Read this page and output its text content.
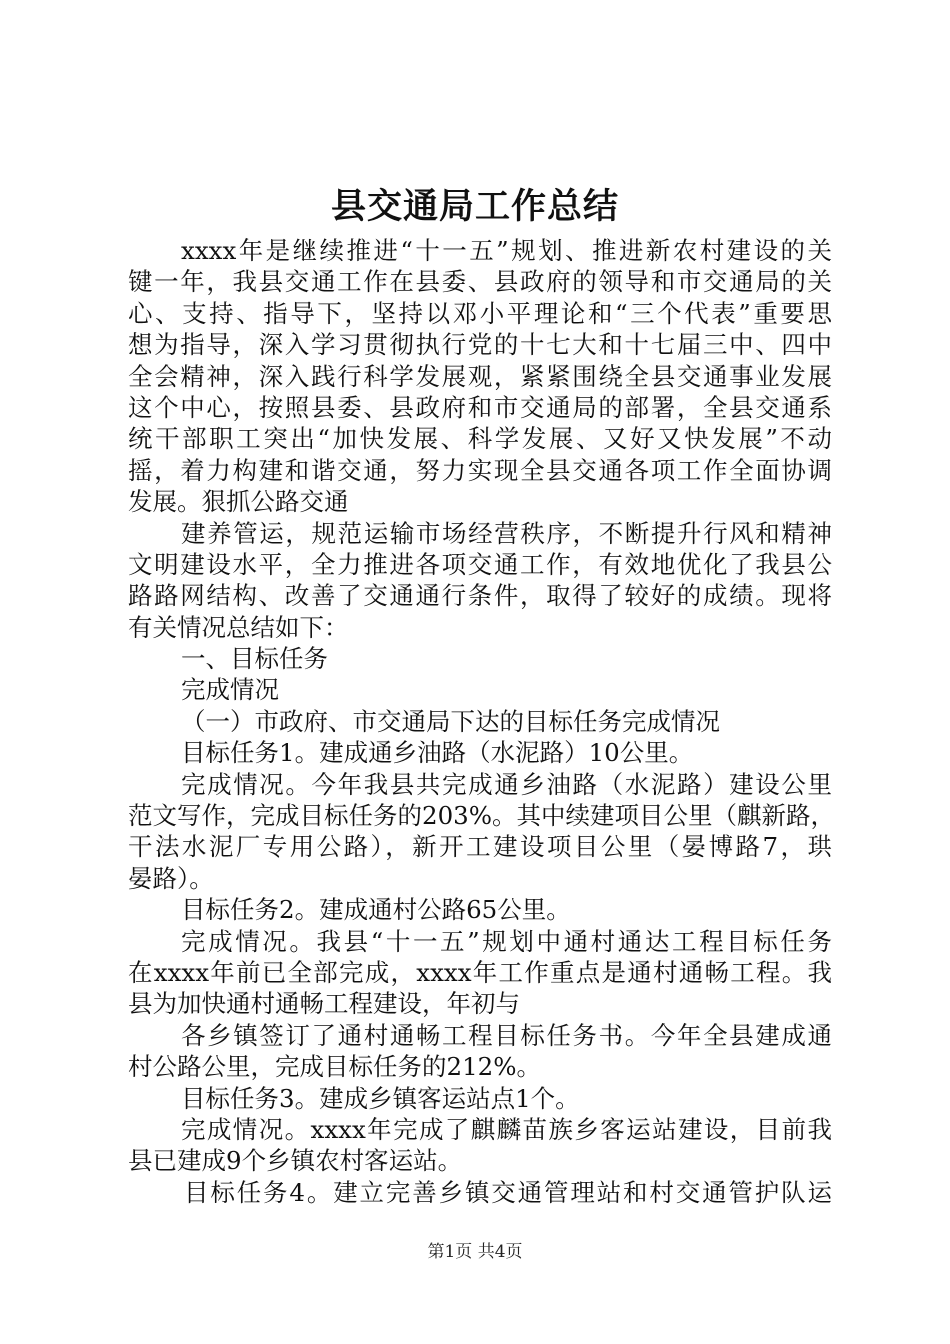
县交通局工作总结
xxxx年是继续推进“十一五”规划、推进新农村建设的关
键一年，我县交通工作在县委、县政府的领导和市交通局的关
心、支持、指导下，坚持以邓小平理论和“三个代表”重要思
想为指导，深入学习贯彻执行党的十七大和十七届三中、四中
全会精神，深入践行科学发展观，紧紧围绕全县交通事业发展
这个中心，按照县委、县政府和市交通局的部署，全县交通系
统干部职工突出“加快发展、科学发展、又好又快发展”不动
摇，着力构建和谐交通，努力实现全县交通各项工作全面协调
发展。狠抓公路交通
建养管运，规范运输市场经营秩序，不断提升行风和精神
文明建设水平，全力推进各项交通工作，有效地优化了我县公
路路网结构、改善了交通通行条件，取得了较好的成绩。现将
有关情况总结如下：
一、目标任务
完成情况
（一）市政府、市交通局下达的目标任务完成情况
目标任务1。建成通乡油路（水泥路）10公里。
完成情况。今年我县共完成通乡油路（水泥路）建设公里
范文写作，完成目标任务的203%。其中续建项目公里（麒新路，
干法水泥厂专用公路），新开工建设项目公里（晏博路7，珙
晏路）。
目标任务2。建成通村公路65公里。
完成情况。我县“十一五”规划中通村通达工程目标任务
在xxxx年前已全部完成，xxxx年工作重点是通村通畅工程。我
县为加快通村通畅工程建设，年初与
各乡镇签订了通村通畅工程目标任务书。今年全县建成通
村公路公里，完成目标任务的212%。
目标任务3。建成乡镇客运站点1个。
完成情况。xxxx年完成了麒麟苗族乡客运站建设，目前我
县已建成9个乡镇农村客运站。
目标任务4。建立完善乡镇交通管理站和村交通管护队运
第1页 共4页
